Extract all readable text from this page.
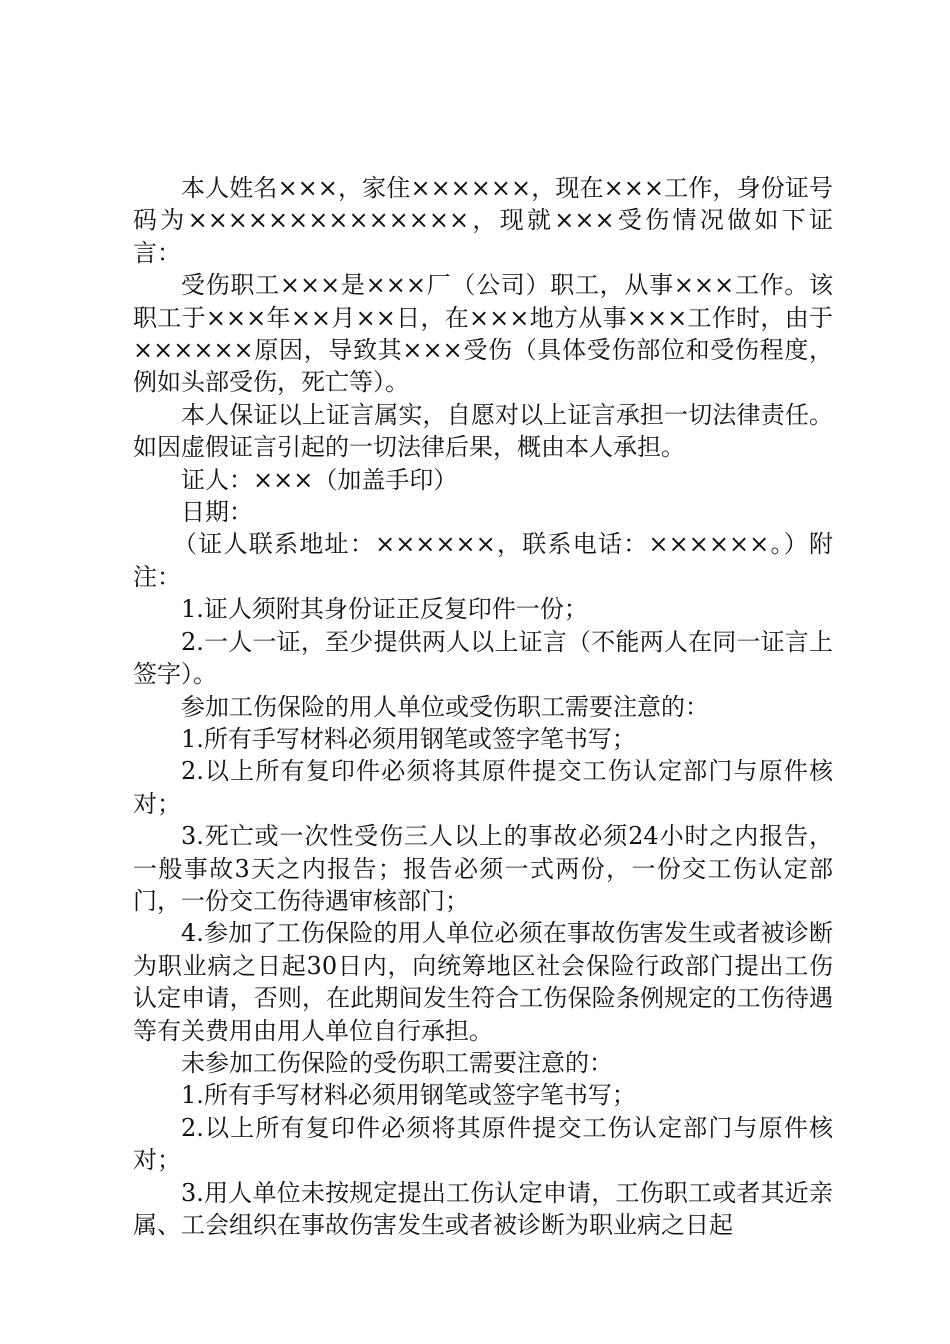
本人姓名×××，家住××××××，现在×××工作，身份证号码为××××××××××××××，现就×××受伤情况做如下证言：

受伤职工×××是×××厂（公司）职工，从事×××工作。该职工于×××年××月××日，在×××地方从事×××工作时，由于××××××原因，导致其×××受伤（具体受伤部位和受伤程度，例如头部受伤，死亡等）。

本人保证以上证言属实，自愿对以上证言承担一切法律责任。如因虚假证言引起的一切法律后果，概由本人承担。

证人：×××（加盖手印）

日期：

（证人联系地址：××××××，联系电话：××××××。）附注：

1.证人须附其身份证正反复印件一份；

2.一人一证，至少提供两人以上证言（不能两人在同一证言上签字）。

参加工伤保险的用人单位或受伤职工需要注意的：

1.所有手写材料必须用钢笔或签字笔书写；

2.以上所有复印件必须将其原件提交工伤认定部门与原件核对；

3.死亡或一次性受伤三人以上的事故必须24小时之内报告，一般事故3天之内报告；报告必须一式两份，一份交工伤认定部门，一份交工伤待遇审核部门；

4.参加了工伤保险的用人单位必须在事故伤害发生或者被诊断为职业病之日起30日内，向统筹地区社会保险行政部门提出工伤认定申请，否则，在此期间发生符合工伤保险条例规定的工伤待遇等有关费用由用人单位自行承担。

未参加工伤保险的受伤职工需要注意的：

1.所有手写材料必须用钢笔或签字笔书写；

2.以上所有复印件必须将其原件提交工伤认定部门与原件核对；

3.用人单位未按规定提出工伤认定申请，工伤职工或者其近亲属、工会组织在事故伤害发生或者被诊断为职业病之日起
